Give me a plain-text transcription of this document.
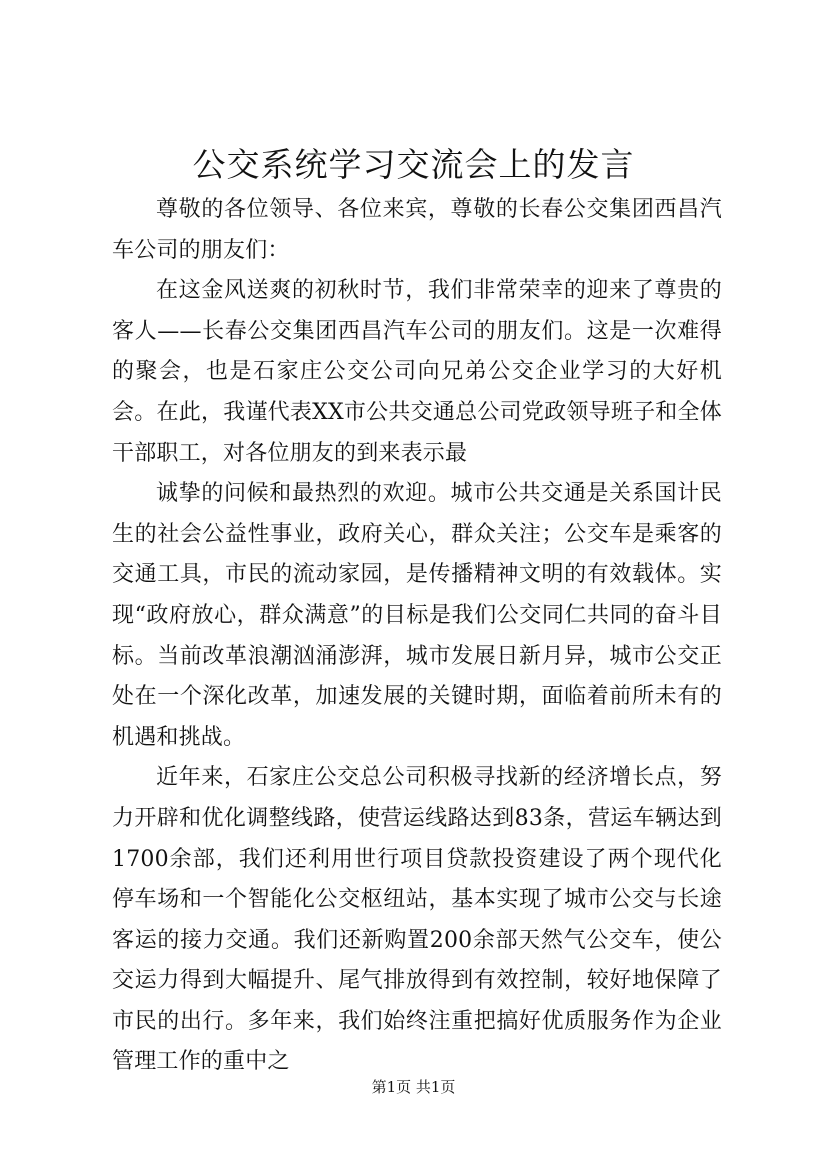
公交系统学习交流会上的发言

尊敬的各位领导、各位来宾，尊敬的长春公交集团西昌汽车公司的朋友们：

在这金风送爽的初秋时节，我们非常荣幸的迎来了尊贵的客人——长春公交集团西昌汽车公司的朋友们。这是一次难得的聚会，也是石家庄公交公司向兄弟公交企业学习的大好机会。在此，我谨代表XX市公共交通总公司党政领导班子和全体干部职工，对各位朋友的到来表示最

诚挚的问候和最热烈的欢迎。城市公共交通是关系国计民生的社会公益性事业，政府关心，群众关注；公交车是乘客的交通工具，市民的流动家园，是传播精神文明的有效载体。实现“政府放心，群众满意”的目标是我们公交同仁共同的奋斗目标。当前改革浪潮汹涌澎湃，城市发展日新月异，城市公交正处在一个深化改革，加速发展的关键时期，面临着前所未有的机遇和挑战。

近年来，石家庄公交总公司积极寻找新的经济增长点，努力开辟和优化调整线路，使营运线路达到83条，营运车辆达到1700余部，我们还利用世行项目贷款投资建设了两个现代化停车场和一个智能化公交枢纽站，基本实现了城市公交与长途客运的接力交通。我们还新购置200余部天然气公交车，使公交运力得到大幅提升、尾气排放得到有效控制，较好地保障了市民的出行。多年来，我们始终注重把搞好优质服务作为企业管理工作的重中之

第1页 共1页
